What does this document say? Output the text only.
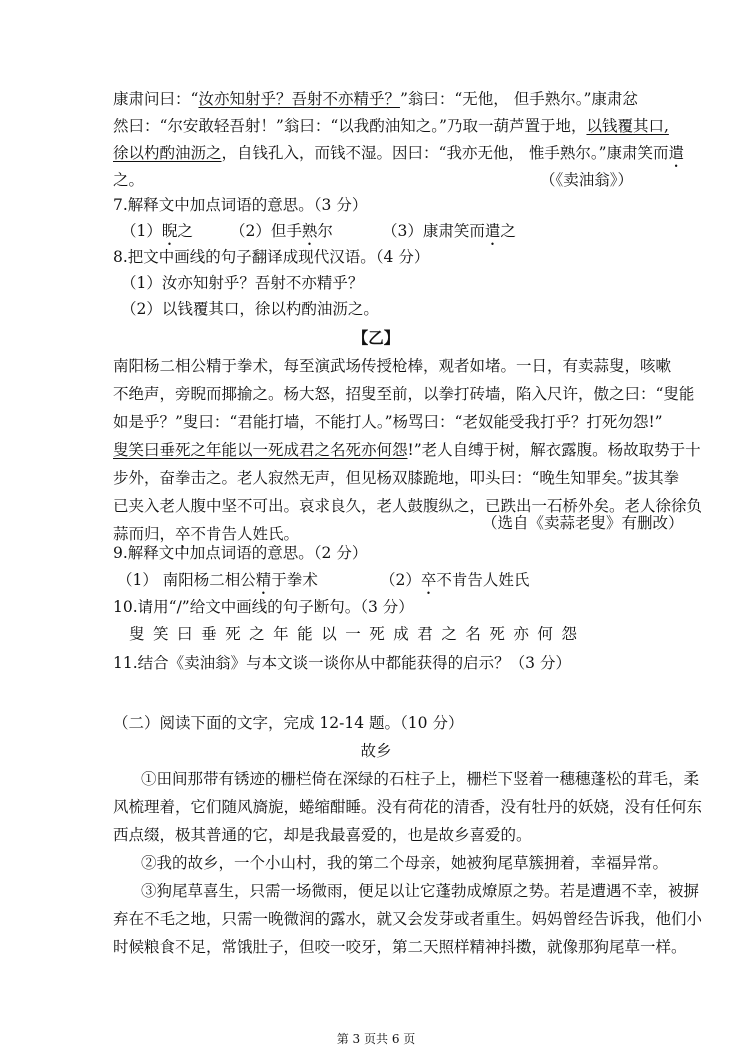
康肃问曰：“汝亦知射乎？吾射不亦精乎？”翁曰：“无他， 但手熟尔。”康肃忿
然曰：“尔安敢轻吾射！”翁曰：“以我酌油知之。”乃取一葫芦置于地，以钱覆其口,
徐以杓酌油沥之，自钱孔入，而钱不湿。因曰：“我亦无他， 惟手熟尔。”康肃笑而遣
之。	（《卖油翁》）
7.解释文中加点词语的意思。（3 分）
（1）睨之 （2）但手熟尔	（3）康肃笑而遣之
8.把文中画线的句子翻译成现代汉语。（4 分）
（1）汝亦知射乎？吾射不亦精乎？
（2）以钱覆其口，徐以杓酌油沥之。
【乙】
南阳杨二相公精于拳术，每至演武场传授枪棒，观者如堵。一日，有卖蒜叟，咳嗽
不绝声，旁睨而揶揄之。杨大怒，招叟至前，以拳打砖墙，陷入尺许，傲之曰：“叟能
如是乎？”叟曰：“君能打墙，不能打人。”杨骂曰：“老奴能受我打乎？打死勿怨!”
叟笑曰垂死之年能以一死成君之名死亦何怨!”老人自缚于树，解衣露腹。杨故取势于十
步外，奋拳击之。老人寂然无声，但见杨双膝跪地，叩头曰：“晚生知罪矣。”拔其拳
已夹入老人腹中坚不可出。哀求良久，老人鼓腹纵之，已跌出一石桥外矣。老人徐徐负
蒜而归，卒不肯告人姓氏。
（选自《卖蒜老叟》有删改）
9.解释文中加点词语的意思。（2 分）
（1） 南阳杨二相公精于拳术	（2）卒不肯告人姓氏
10.请用“/”给文中画线的句子断句。（3 分）
叟笑曰垂死之年能以一死成君之名死亦何怨
11.结合《卖油翁》与本文谈一谈你从中都能获得的启示？（3 分）
（二）阅读下面的文字，完成 12-14 题。（10 分）
故乡
①田间那带有锈迹的栅栏倚在深绿的石柱子上，栅栏下竖着一穗穗蓬松的茸毛，柔
风梳理着，它们随风旖旎，蜷缩酣睡。没有荷花的清香，没有牡丹的妖娆，没有任何东
西点缀，极其普通的它，却是我最喜爱的，也是故乡喜爱的。
②我的故乡，一个小山村，我的第二个母亲，她被狗尾草簇拥着，幸福异常。
③狗尾草喜生，只需一场微雨，便足以让它蓬勃成燎原之势。若是遭遇不幸，被摒
弃在不毛之地，只需一晚微润的露水，就又会发芽或者重生。妈妈曾经告诉我，他们小
时候粮食不足，常饿肚子，但咬一咬牙，第二天照样精神抖擞，就像那狗尾草一样。
第 3 页共 6 页
